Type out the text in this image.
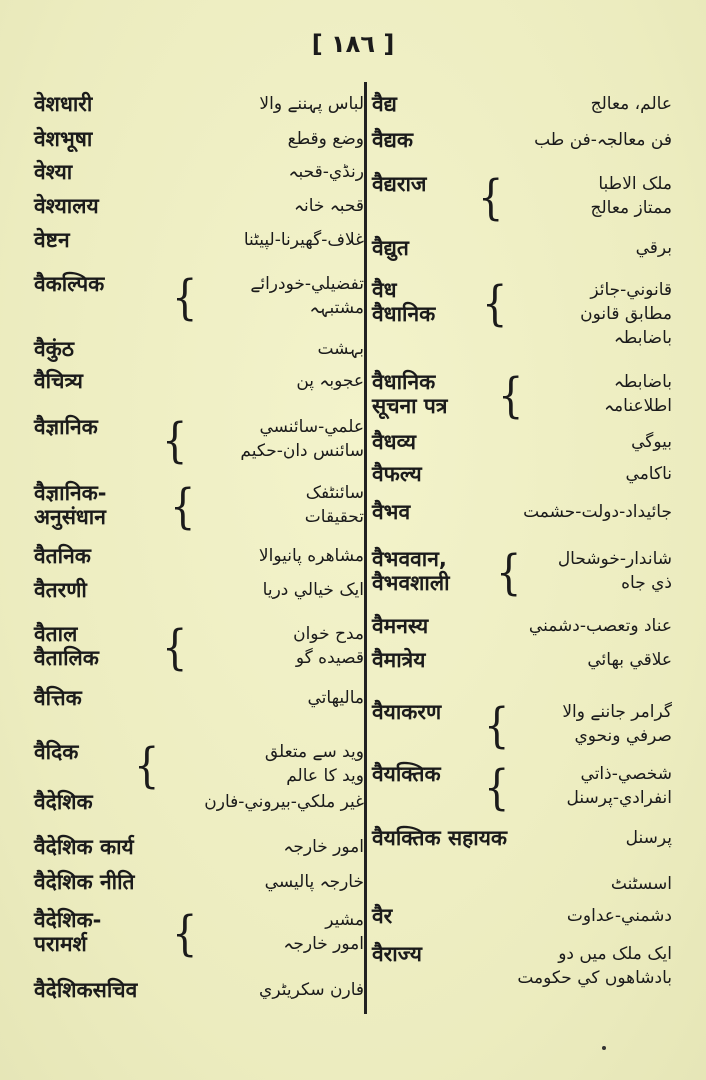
[ ١٨٦ ]
वेशधारी	لباس پہننے والا
वेशभूषा	وضع وقطع
वेश्या	رنڈي-قحبہ
वेश्यालय	قحبہ خانہ
वेष्टन	غلاف-گھيرنا-لپيٹنا
वैकल्पिक {	تفضيلي-خودرائے
مشتبہہ
वैकुंठ	بہشت
वैचित्र्य	عجوبہ پن
वैज्ञानिक {	علمي-سائنسي
سائنس دان-حکيم
वैज्ञानिक-
अनुसंधान {	سائنٹفک
تحقيقات
वैतनिक	مشاهره پانيوالا
वैतरणी	ايک خيالي دريا
वैताल
वैतालिक {	مدح خوان
قصيده گو
वैत्तिक	ماليهاتي
वैदिक {	ويد سے متعلق
ويد کا عالم
वैदेशिक	غير ملکي-بيروني-فارن
वैदेशिक कार्य	امور خارجہ
वैदेशिक नीति	خارجہ پاليسي
वैदेशिक-
परामर्श	{	مشير
امور خارجہ
वैदेशिकसचिव	فارن سکريٹري
वैद्य	عالم، معالج
वैद्यक	فن معالجہ-فن طب
वैद्यराज {	ملک الاطبا
ممتاز معالج
वैद्युत	برقي
वैध
वैधानिक {	قانوني-جائز
مطابق قانون
باضابطہ
वैधानिक
सूचना पत्र {	باضابطہ
اطلاعنامہ
वैधव्य	بيوگي
वैफल्य	ناکامي
वैभव	جائيداد-دولت-حشمت
वैभववान,
वैभवशाली { شاندار-خوشحال
ذي جاه
वैमनस्य	عناد وتعصب-دشمني
वैमात्रेय	علاقي بهائي
वैयाकरण {	گرامر جاننے والا
صرفي ونحوي
वैयक्तिक {	شخصي-ذاتي
انفرادي-پرسنل
वैयक्तिक सहायक	پرسنل
اسسٹنٹ
वैर	دشمني-عداوت
वैराज्य	ايک ملک ميں دو
بادشاهوں کي حکومت
